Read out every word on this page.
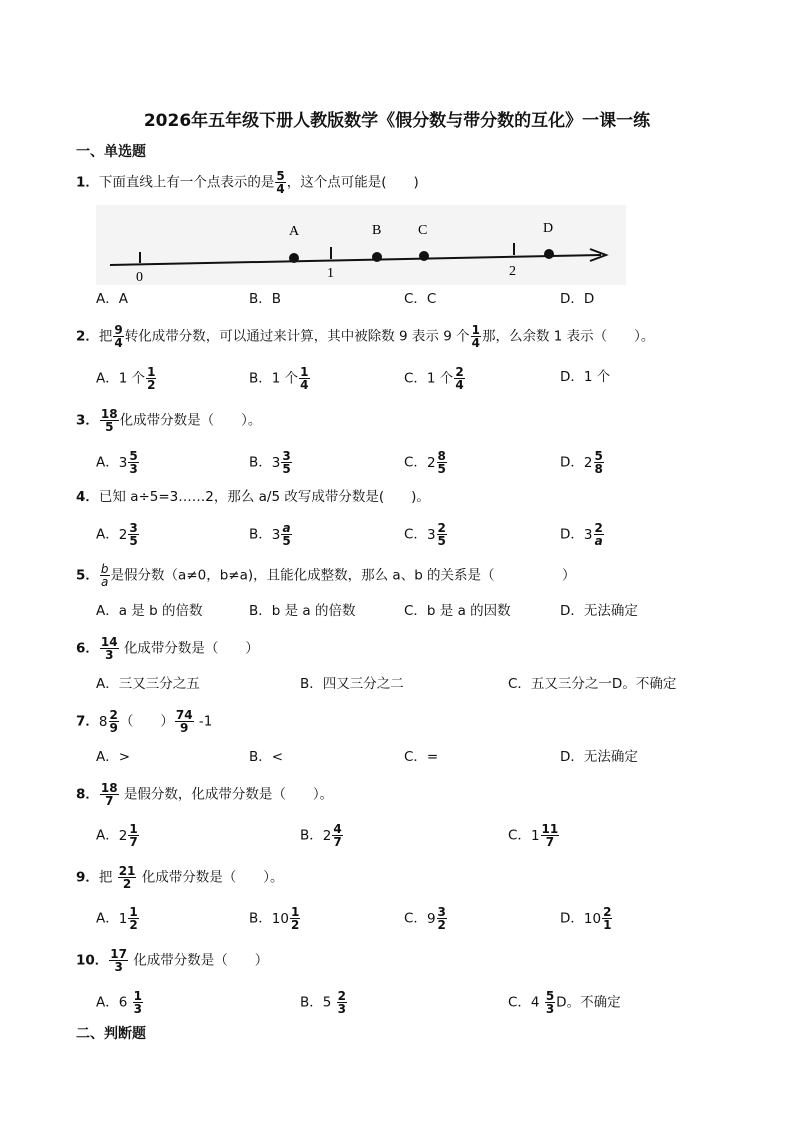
2026年五年级下册人教版数学《假分数与带分数的互化》一课一练
一、单选题
1．下面直线上有一个点表示的是 $\frac{5}{4}$ ，这个点可能是(　　)
0	1	2
A	B	C	D
A．A	B．B	C．C	D．D
2．把 $\frac{9}{4}$ 转化成带分数，可以通过来计算，其中被除数 9 表示 9 个 $\frac{1}{4}$ 那，么余数 1 表示（　　）。
A．1 个 $\frac{1}{2}$	B．1 个 $\frac{1}{4}$	C．1 个 $\frac{2}{4}$	D．1 个
3． $\frac{18}{5}$ 化成带分数是（　　）。
A． $3 \frac{5}{3}$	B． $3 \frac{3}{5}$	C． $2 \frac{8}{5}$	D． $2 \frac{5}{8}$
4．已知 a÷5=3……2，那么 a/5 改写成带分数是(　　)。
A． $2 \frac{3}{5}$	B． $3 \frac{a}{5}$	C． $3 \frac{2}{5}$	D． $3 \frac{2}{a}$
5． $\frac{b}{a}$ 是假分数（a≠0，b≠a)，且能化成整数，那么 a、b 的关系是（　　　　　）
A．a 是 b 的倍数	B．b 是 a 的倍数	C．b 是 a 的因数	D．无法确定
6． $\frac{14}{3}$ 化成带分数是（　　）
A．三又三分之五	B．四又三分之二	C．五又三分之一D。不确定
7． $8 \frac{2}{9}$ （　　） $\frac{74}{9} -1$
A．>	B．<	C．=	D．无法确定
8． $\frac{18}{7}$ 是假分数，化成带分数是（　　）。
A． $2 \frac{1}{7}$	B． $2 \frac{4}{7}$	C． $1 \frac{11}{7}$
9．把 $\frac{21}{2}$ 化成带分数是（　　）。
A． $1 \frac{1}{2}$	B． $10 \frac{1}{2}$	C． $9 \frac{3}{2}$	D． $10 \frac{2}{1}$
10． $\frac{17}{3}$ 化成带分数是（　　）
A．$6 \frac{1}{3}$	B．$5 \frac{2}{3}$	C．$4 \frac{5}{3}$ D。不确定
二、判断题
